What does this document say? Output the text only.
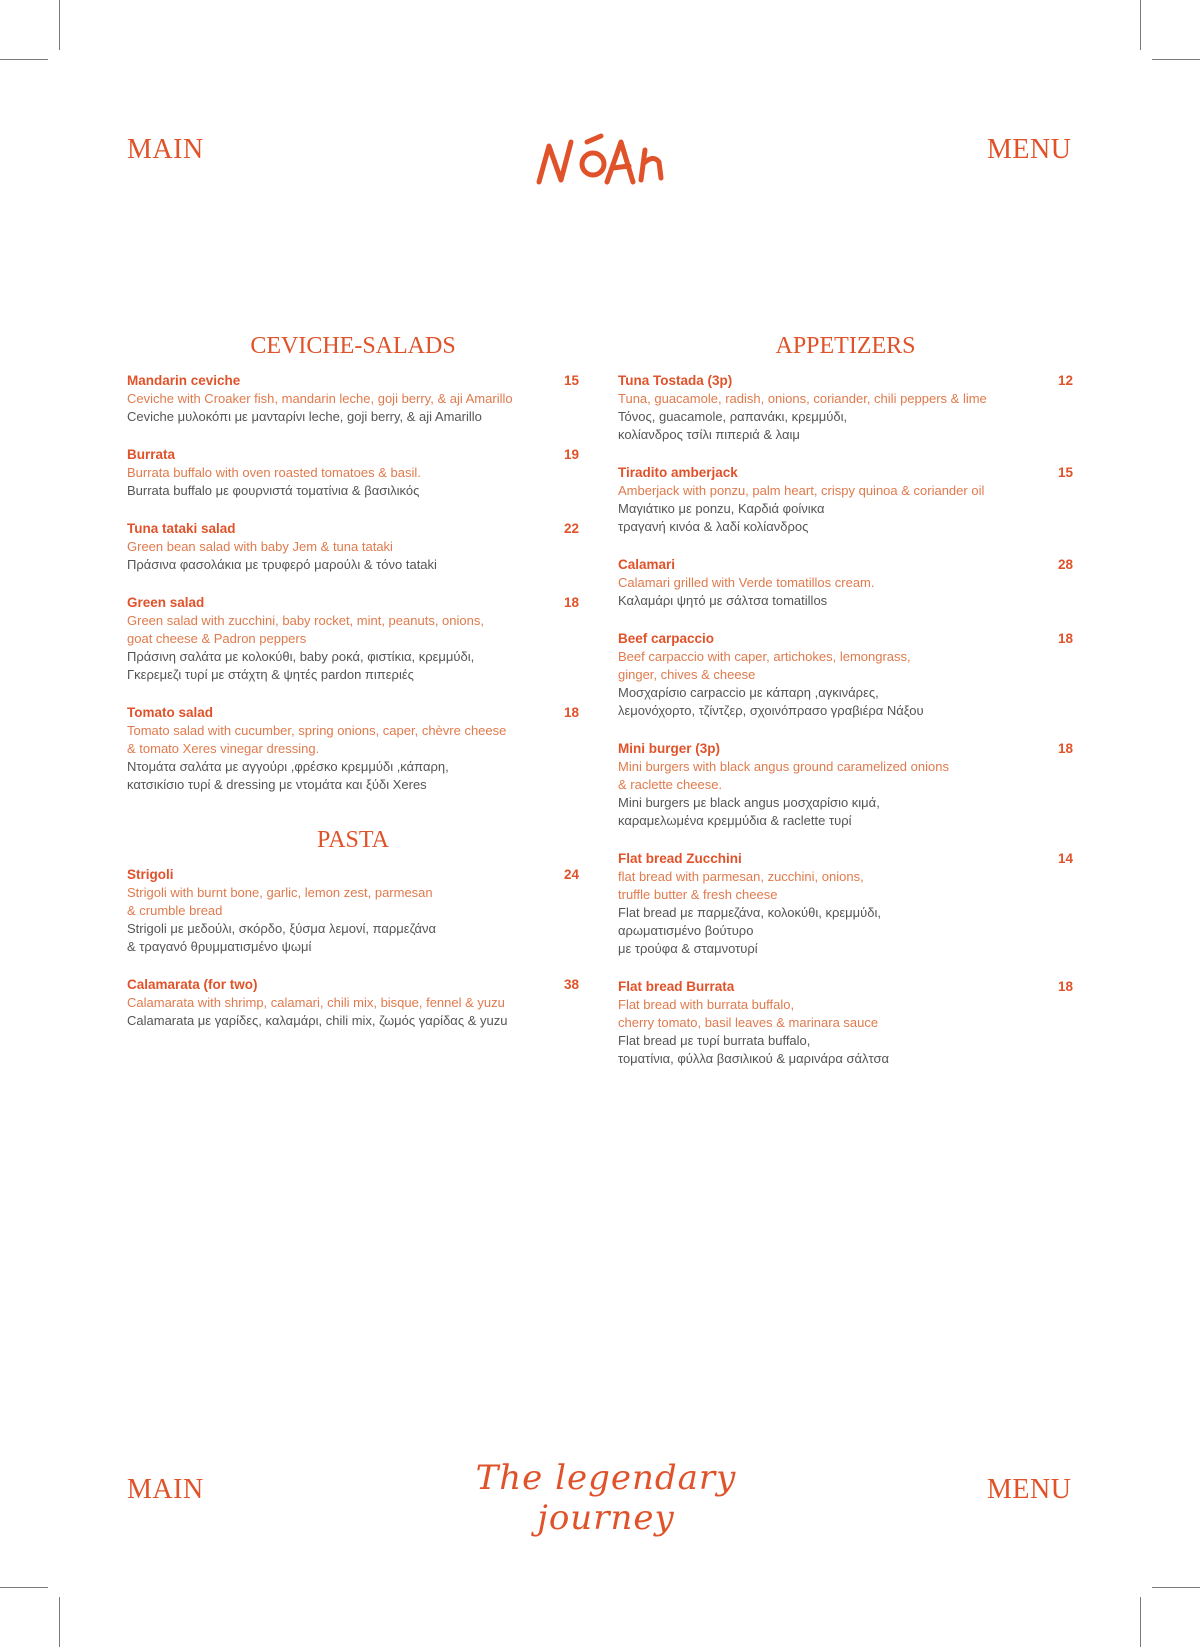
MAIN	MENU
CEVICHE-SALADS
Mandarin ceviche	15
Ceviche with Croaker fish, mandarin leche, goji berry, & aji Amarillo
Ceviche μυλοκόπι με μανταρίνι leche, goji berry, & aji Amarillo
Burrata	19
Burrata buffalo with oven roasted tomatoes & basil.
Burrata buffalo με φουρνιστά τοματίνια & βασιλικός
Tuna tataki salad	22
Green bean salad with baby Jem & tuna tataki
Πράσινα φασολάκια με τρυφερό μαρούλι & τόνο tataki
Green salad	18
Green salad with zucchini, baby rocket, mint, peanuts, onions,
goat cheese & Padron peppers
Πράσινη σαλάτα με κολοκύθι, baby ροκά, φιστίκια, κρεμμύδι,
Γκερεμεζι τυρί με στάχτη & ψητές pardon πιπεριές
Tomato salad	18
Tomato salad with cucumber, spring onions, caper, chèvre cheese
& tomato Xeres vinegar dressing.
Ντομάτα σαλάτα με αγγούρι ,φρέσκο κρεμμύδι ,κάπαρη,
κατσικίσιο τυρί & dressing με ντομάτα και ξύδι Xeres
PASTA
Strigoli	24
Strigoli with burnt bone, garlic, lemon zest, parmesan
& crumble bread
Strigoli με μεδούλι, σκόρδο, ξύσμα λεμονί, παρμεζάνα
& τραγανό θρυμματισμένο ψωμί
Calamarata (for two)	38
Calamarata with shrimp, calamari, chili mix, bisque, fennel & yuzu
Calamarata με γαρίδες, καλαμάρι, chili mix, ζωμός γαρίδας & yuzu
APPETIZERS
Tuna Tostada (3p)	12
Tuna, guacamole, radish, onions, coriander, chili peppers & lime
Τόνος, guacamole, ραπανάκι, κρεμμύδι,
κολίανδρος τσίλι πιπεριά & λαιμ
Tiradito amberjack	15
Amberjack with ponzu, palm heart, crispy quinoa & coriander oil
Μαγιάτικο με ponzu, Καρδιά φοίνικα
τραγανή κινόα & λαδί κολίανδρος
Calamari	28
Calamari grilled with Verde tomatillos cream.
Καλαμάρι ψητό με σάλτσα tomatillos
Beef carpaccio	18
Beef carpaccio with caper, artichokes, lemongrass,
ginger, chives & cheese
Μοσχαρίσιο carpaccio με κάπαρη ,αγκινάρες,
λεμονόχορτο, τζίντζερ, σχοινόπρασο γραβιέρα Νάξου
Mini burger (3p)	18
Mini burgers with black angus ground caramelized onions
& raclette cheese.
Mini burgers με black angus μοσχαρίσιο κιμά,
καραμελωμένα κρεμμύδια & raclette τυρί
Flat bread Zucchini	14
flat bread with parmesan, zucchini, onions,
truffle butter & fresh cheese
Flat bread με παρμεζάνα, κολοκύθι, κρεμμύδι,
αρωματισμένο βούτυρο
με τρούφα & σταμνοτυρί
Flat bread Burrata	18
Flat bread with burrata buffalo,
cherry tomato, basil leaves & marinara sauce
Flat bread με τυρί burrata buffalo,
τοματίνια, φύλλα βασιλικού & μαρινάρα σάλτσα
MAIN	The legendary journey
MENU
